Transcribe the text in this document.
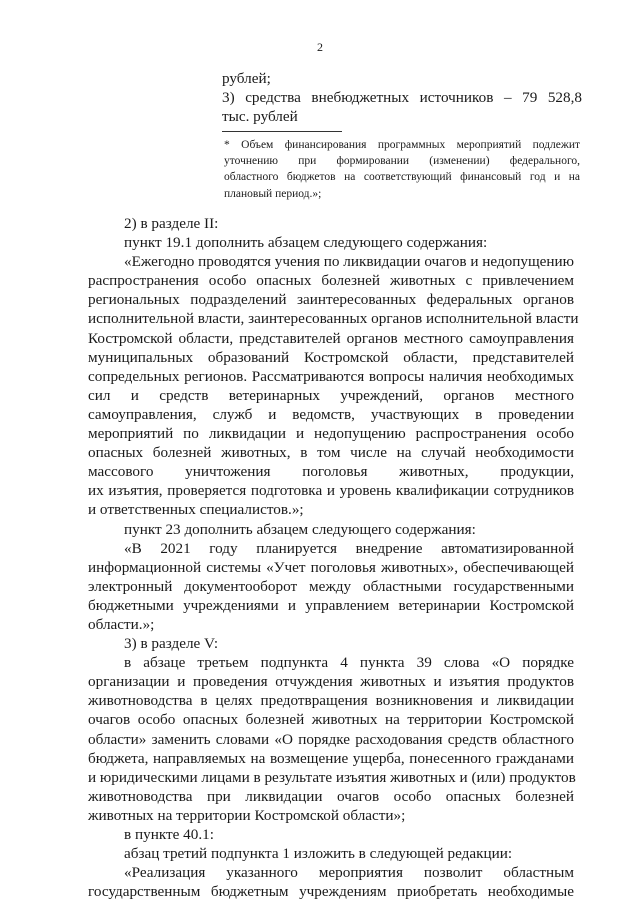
2
рублей;
3) средства внебюджетных источников – 79 528,8
тыс. рублей
* Объем финансирования программных мероприятий подлежит
уточнению при формировании (изменении) федерального,
областного бюджетов на соответствующий финансовый год и на
плановый период.»;
2) в разделе II:
пункт 19.1 дополнить абзацем следующего содержания:
«Ежегодно проводятся учения по ликвидации очагов и недопущению
распространения особо опасных болезней животных с привлечением
региональных подразделений заинтересованных федеральных органов
исполнительной власти, заинтересованных органов исполнительной власти
Костромской области, представителей органов местного самоуправления
муниципальных образований Костромской области, представителей
сопредельных регионов. Рассматриваются вопросы наличия необходимых
сил и средств ветеринарных учреждений, органов местного
самоуправления, служб и ведомств, участвующих в проведении
мероприятий по ликвидации и недопущению распространения особо
опасных болезней животных, в том числе на случай необходимости
массового уничтожения поголовья животных, продукции,
их изъятия, проверяется подготовка и уровень квалификации сотрудников
и ответственных специалистов.»;
пункт 23 дополнить абзацем следующего содержания:
«В 2021 году планируется внедрение автоматизированной
информационной системы «Учет поголовья животных», обеспечивающей
электронный документооборот между областными государственными
бюджетными учреждениями и управлением ветеринарии Костромской
области.»;
3) в разделе V:
в абзаце третьем подпункта 4 пункта 39 слова «О порядке
организации и проведения отчуждения животных и изъятия продуктов
животноводства в целях предотвращения возникновения и ликвидации
очагов особо опасных болезней животных на территории Костромской
области» заменить словами «О порядке расходования средств областного
бюджета, направляемых на возмещение ущерба, понесенного гражданами
и юридическими лицами в результате изъятия животных и (или) продуктов
животноводства при ликвидации очагов особо опасных болезней
животных на территории Костромской области»;
в пункте 40.1:
абзац третий подпункта 1 изложить в следующей редакции:
«Реализация указанного мероприятия позволит областным
государственным бюджетным учреждениям приобретать необходимые
